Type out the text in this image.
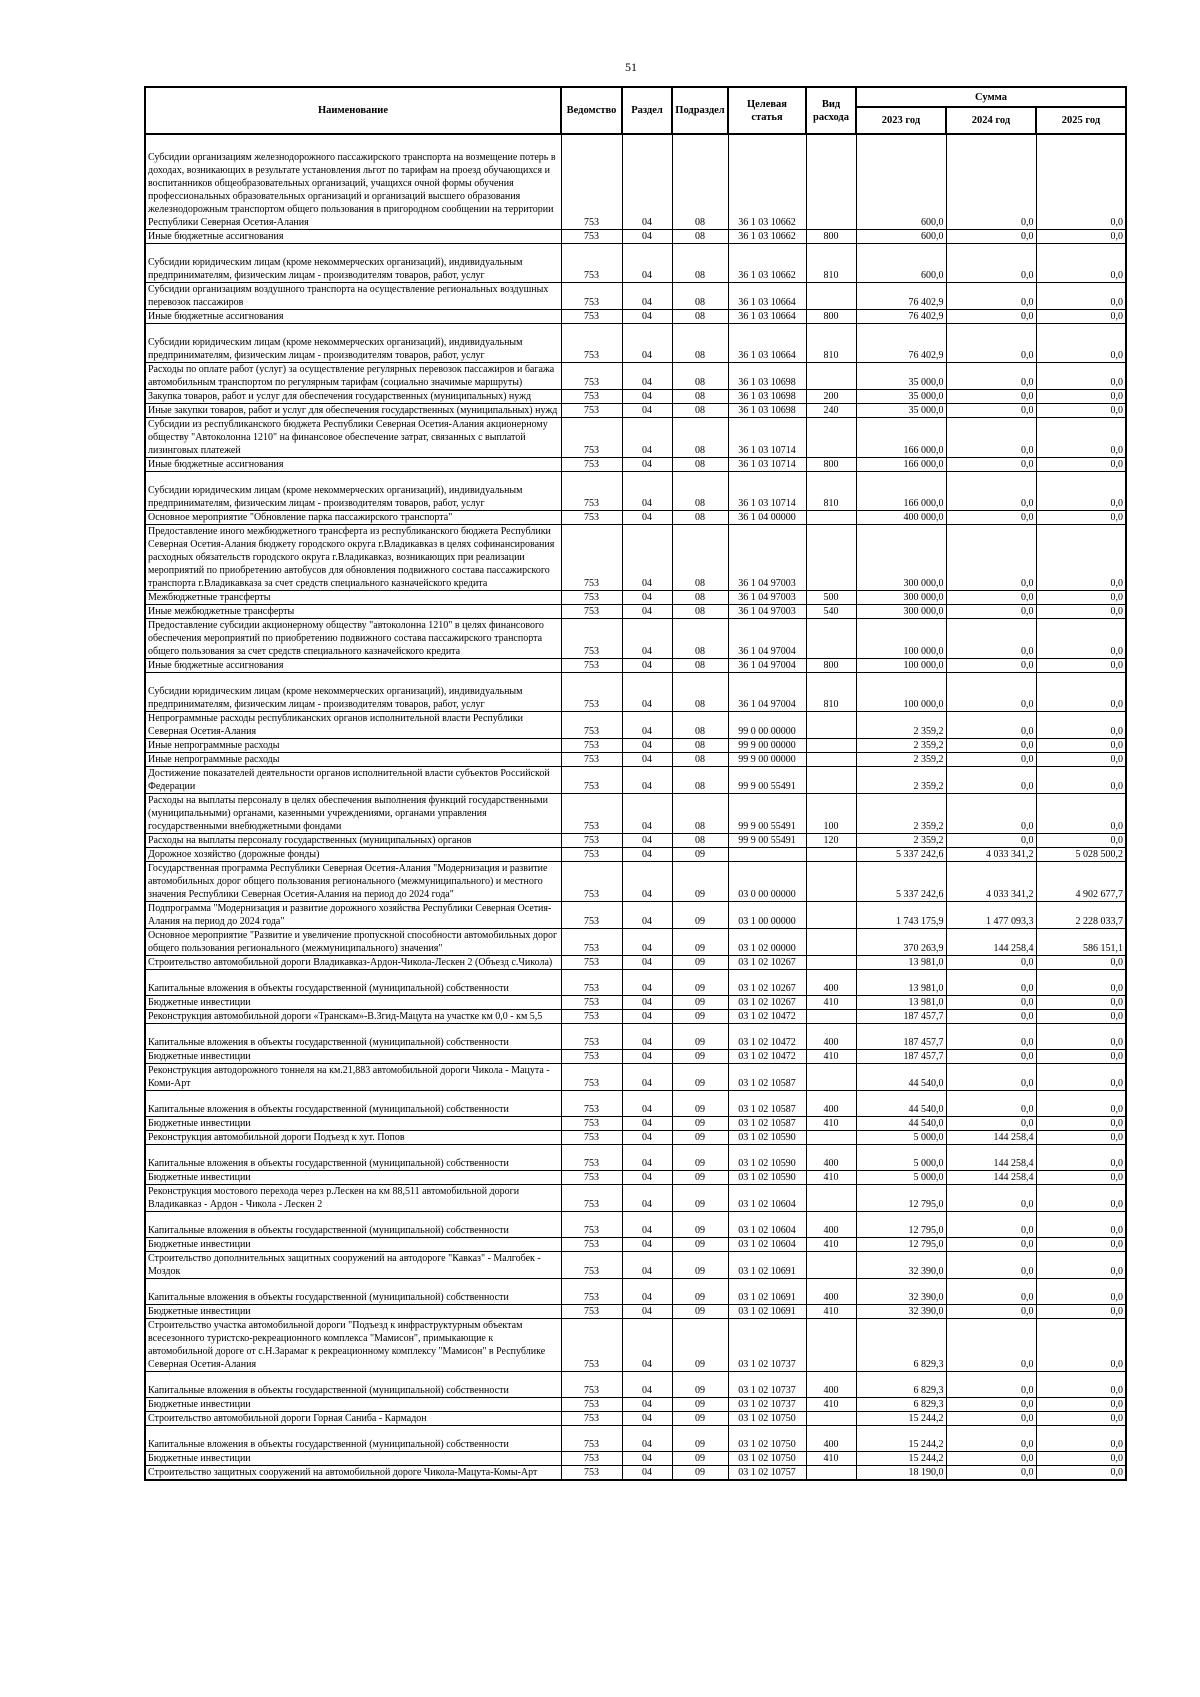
51
Наименование	Ведомство	Раздел	Подраздел	Целевая статья	Вид расхода	Сумма		
						2023 год	2024 год	2025 год
Субсидии организациям железнодорожного пассажирского транспорта на возмещение потерь в доходах, возникающих в результате установления льгот по тарифам на проезд обучающихся и воспитанников общеобразовательных организаций, учащихся очной формы обучения профессиональных образовательных организаций и организаций высшего образования железнодорожным транспортом общего пользования в пригородном сообщении на территории Республики Северная Осетия-Алания	753	04	08	36 1 03 10662		600,0	0,0	0,0
Иные бюджетные ассигнования	753	04	08	36 1 03 10662	800	600,0	0,0	0,0
Субсидии юридическим лицам (кроме некоммерческих организаций), индивидуальным предпринимателям, физическим лицам - производителям товаров, работ, услуг	753	04	08	36 1 03 10662	810	600,0	0,0	0,0
Субсидии организациям воздушного транспорта на осуществление региональных воздушных перевозок пассажиров	753	04	08	36 1 03 10664		76 402,9	0,0	0,0
Иные бюджетные ассигнования	753	04	08	36 1 03 10664	800	76 402,9	0,0	0,0
Субсидии юридическим лицам (кроме некоммерческих организаций), индивидуальным предпринимателям, физическим лицам - производителям товаров, работ, услуг	753	04	08	36 1 03 10664	810	76 402,9	0,0	0,0
Расходы по оплате работ (услуг) за осуществление регулярных перевозок пассажиров и багажа автомобильным транспортом по регулярным тарифам (социально значимые маршруты)	753	04	08	36 1 03 10698		35 000,0	0,0	0,0
Закупка товаров, работ и услуг для обеспечения государственных (муниципальных) нужд	753	04	08	36 1 03 10698	200	35 000,0	0,0	0,0
Иные закупки товаров, работ и услуг для обеспечения государственных (муниципальных) нужд	753	04	08	36 1 03 10698	240	35 000,0	0,0	0,0
Субсидии из республиканского бюджета Республики Северная Осетия-Алания акционерному обществу "Автоколонна 1210" на финансовое обеспечение затрат, связанных с выплатой лизинговых платежей	753	04	08	36 1 03 10714		166 000,0	0,0	0,0
Иные бюджетные ассигнования	753	04	08	36 1 03 10714	800	166 000,0	0,0	0,0
Субсидии юридическим лицам (кроме некоммерческих организаций), индивидуальным предпринимателям, физическим лицам - производителям товаров, работ, услуг	753	04	08	36 1 03 10714	810	166 000,0	0,0	0,0
Основное мероприятие "Обновление парка пассажирского транспорта"	753	04	08	36 1 04 00000		400 000,0	0,0	0,0
Предоставление иного межбюджетного трансферта из республиканского бюджета Республики Северная Осетия-Алания бюджету городского округа г.Владикавказ в целях софинансирования расходных обязательств городского округа г.Владикавказ, возникающих при реализации мероприятий по приобретению автобусов для обновления подвижного состава пассажирского транспорта г.Владикавказа за счет средств специального казначейского кредита	753	04	08	36 1 04 97003		300 000,0	0,0	0,0
Межбюджетные трансферты	753	04	08	36 1 04 97003	500	300 000,0	0,0	0,0
Иные межбюджетные трансферты	753	04	08	36 1 04 97003	540	300 000,0	0,0	0,0
Предоставление субсидии акционерному обществу "автоколонна 1210" в целях финансового обеспечения мероприятий по приобретению подвижного состава пассажирского транспорта общего пользования за счет средств специального казначейского кредита	753	04	08	36 1 04 97004		100 000,0	0,0	0,0
Иные бюджетные ассигнования	753	04	08	36 1 04 97004	800	100 000,0	0,0	0,0
Субсидии юридическим лицам (кроме некоммерческих организаций), индивидуальным предпринимателям, физическим лицам - производителям товаров, работ, услуг	753	04	08	36 1 04 97004	810	100 000,0	0,0	0,0
Непрограммные расходы республиканских органов исполнительной власти Республики Северная Осетия-Алания	753	04	08	99 0 00 00000		2 359,2	0,0	0,0
Иные непрограммные расходы	753	04	08	99 9 00 00000		2 359,2	0,0	0,0
Иные непрограммные расходы	753	04	08	99 9 00 00000		2 359,2	0,0	0,0
Достижение показателей деятельности органов исполнительной власти субъектов Российской Федерации	753	04	08	99 9 00 55491		2 359,2	0,0	0,0
Расходы на выплаты персоналу в целях обеспечения выполнения функций государственными (муниципальными) органами, казенными учреждениями, органами управления государственными внебюджетными фондами	753	04	08	99 9 00 55491	100	2 359,2	0,0	0,0
Расходы на выплаты персоналу государственных (муниципальных) органов	753	04	08	99 9 00 55491	120	2 359,2	0,0	0,0
Дорожное хозяйство (дорожные фонды)	753	04	09			5 337 242,6	4 033 341,2	5 028 500,2
Государственная программа Республики Северная Осетия-Алания "Модернизация и развитие автомобильных дорог общего пользования регионального (межмуниципального) и местного значения Республики Северная Осетия-Алания на период до 2024 года"	753	04	09	03 0 00 00000		5 337 242,6	4 033 341,2	4 902 677,7
Подпрограмма "Модернизация и развитие дорожного хозяйства Республики Северная Осетия-Алания на период до 2024 года"	753	04	09	03 1 00 00000		1 743 175,9	1 477 093,3	2 228 033,7
Основное мероприятие "Развитие и увеличение пропускной способности автомобильных дорог общего пользования регионального (межмуниципального) значения"	753	04	09	03 1 02 00000		370 263,9	144 258,4	586 151,1
Строительство автомобильной дороги Владикавказ-Ардон-Чикола-Лескен 2 (Объезд с.Чикола)	753	04	09	03 1 02 10267		13 981,0	0,0	0,0
Капитальные вложения в объекты государственной (муниципальной) собственности	753	04	09	03 1 02 10267	400	13 981,0	0,0	0,0
Бюджетные инвестиции	753	04	09	03 1 02 10267	410	13 981,0	0,0	0,0
Реконструкция автомобильной дороги «Транскам»-В.Згид-Мацута на участке км 0,0 - км 5,5	753	04	09	03 1 02 10472		187 457,7	0,0	0,0
Капитальные вложения в объекты государственной (муниципальной) собственности	753	04	09	03 1 02 10472	400	187 457,7	0,0	0,0
Бюджетные инвестиции	753	04	09	03 1 02 10472	410	187 457,7	0,0	0,0
Реконструкция автодорожного тоннеля на км.21,883 автомобильной дороги Чикола - Мацута - Коми-Арт	753	04	09	03 1 02 10587		44 540,0	0,0	0,0
Капитальные вложения в объекты государственной (муниципальной) собственности	753	04	09	03 1 02 10587	400	44 540,0	0,0	0,0
Бюджетные инвестиции	753	04	09	03 1 02 10587	410	44 540,0	0,0	0,0
Реконструкция автомобильной дороги Подъезд к хут. Попов	753	04	09	03 1 02 10590		5 000,0	144 258,4	0,0
Капитальные вложения в объекты государственной (муниципальной) собственности	753	04	09	03 1 02 10590	400	5 000,0	144 258,4	0,0
Бюджетные инвестиции	753	04	09	03 1 02 10590	410	5 000,0	144 258,4	0,0
Реконструкция мостового перехода через р.Лескен на км 88,511 автомобильной дороги Владикавказ - Ардон - Чикола - Лескен 2	753	04	09	03 1 02 10604		12 795,0	0,0	0,0
Капитальные вложения в объекты государственной (муниципальной) собственности	753	04	09	03 1 02 10604	400	12 795,0	0,0	0,0
Бюджетные инвестиции	753	04	09	03 1 02 10604	410	12 795,0	0,0	0,0
Строительство дополнительных защитных сооружений на автодороге "Кавказ" - Малгобек - Моздок	753	04	09	03 1 02 10691		32 390,0	0,0	0,0
Капитальные вложения в объекты государственной (муниципальной) собственности	753	04	09	03 1 02 10691	400	32 390,0	0,0	0,0
Бюджетные инвестиции	753	04	09	03 1 02 10691	410	32 390,0	0,0	0,0
Строительство участка автомобильной дороги "Подъезд к инфраструктурным объектам всесезонного туристско-рекреационного комплекса "Мамисон", примыкающие к автомобильной дороге от с.Н.Зарамаг к рекреационному комплексу "Мамисон" в Республике Северная Осетия-Алания	753	04	09	03 1 02 10737		6 829,3	0,0	0,0
Капитальные вложения в объекты государственной (муниципальной) собственности	753	04	09	03 1 02 10737	400	6 829,3	0,0	0,0
Бюджетные инвестиции	753	04	09	03 1 02 10737	410	6 829,3	0,0	0,0
Строительство автомобильной дороги Горная Саниба - Кармадон	753	04	09	03 1 02 10750		15 244,2	0,0	0,0
Капитальные вложения в объекты государственной (муниципальной) собственности	753	04	09	03 1 02 10750	400	15 244,2	0,0	0,0
Бюджетные инвестиции	753	04	09	03 1 02 10750	410	15 244,2	0,0	0,0
Строительство защитных сооружений на автомобильной дороге Чикола-Мацута-Комы-Арт	753	04	09	03 1 02 10757		18 190,0	0,0	0,0
